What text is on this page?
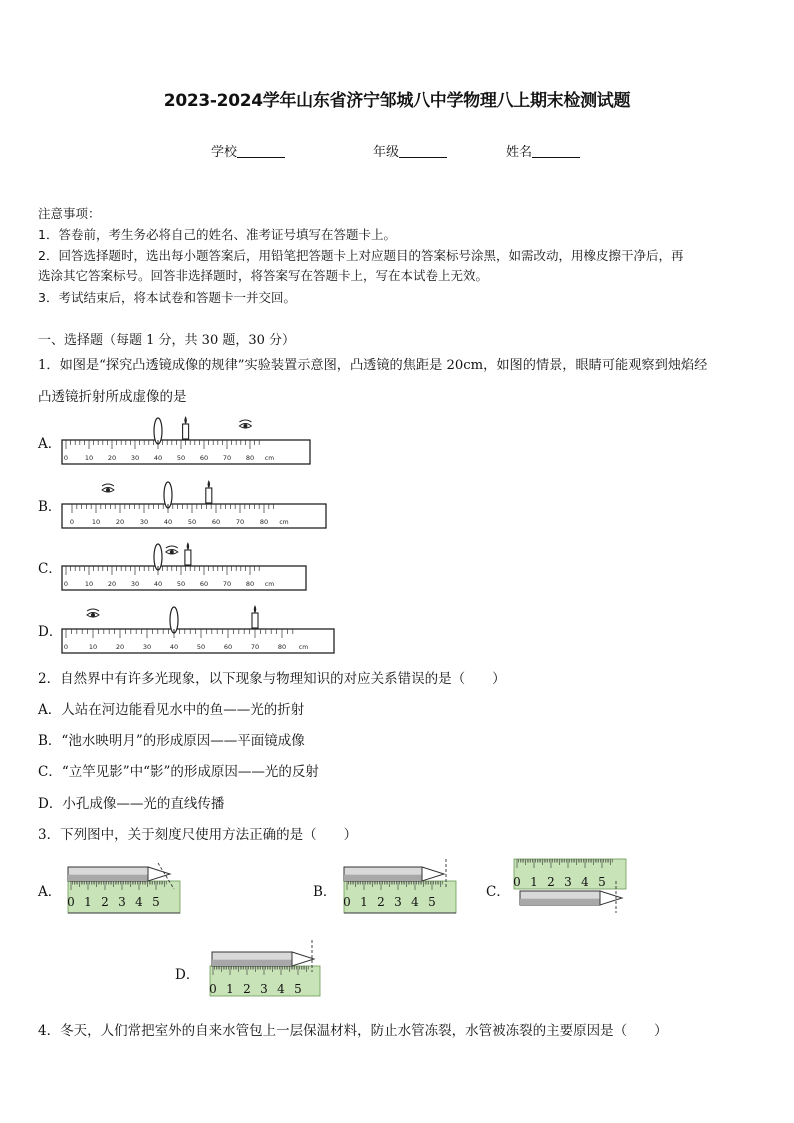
2023-2024学年山东省济宁邹城八中学物理八上期末检测试题
学校	年级	姓名
注意事项：
1．答卷前，考生务必将自己的姓名、准考证号填写在答题卡上。
2．回答选择题时，选出每小题答案后，用铅笔把答题卡上对应题目的答案标号涂黑，如需改动，用橡皮擦干净后，再
选涂其它答案标号。回答非选择题时，将答案写在答题卡上，写在本试卷上无效。
3．考试结束后，将本试卷和答题卡一并交回。
一、选择题（每题 1 分，共 30 题，30 分）
1．如图是“探究凸透镜成像的规律”实验装置示意图，凸透镜的焦距是 20cm，如图的情景，眼睛可能观察到烛焰经
凸透镜折射所成虚像的是
A．
B．
C．
D．
0	10 20 30 40 50 60 70 80 cm
0	10 20 30 40 50 60 70 80 cm
0	10 20 30 40 50 60 70 80 cm
0	10	20	30	40	50	60	70	80 cm
2．自然界中有许多光现象，以下现象与物理知识的对应关系错误的是（　　）
A．人站在河边能看见水中的鱼——光的折射
B．“池水映明月”的形成原因——平面镜成像
C．“立竿见影”中“影”的形成原因——光的反射
D．小孔成像——光的直线传播
3．下列图中，关于刻度尺使用方法正确的是（　　）
A．	B．	C．
D．
0 1 2 3 4 5	0 1 2 3 4 5
0 1 2 3 4 5
0 1 2 3 4 5
4．冬天，人们常把室外的自来水管包上一层保温材料，防止水管冻裂，水管被冻裂的主要原因是（　　）
